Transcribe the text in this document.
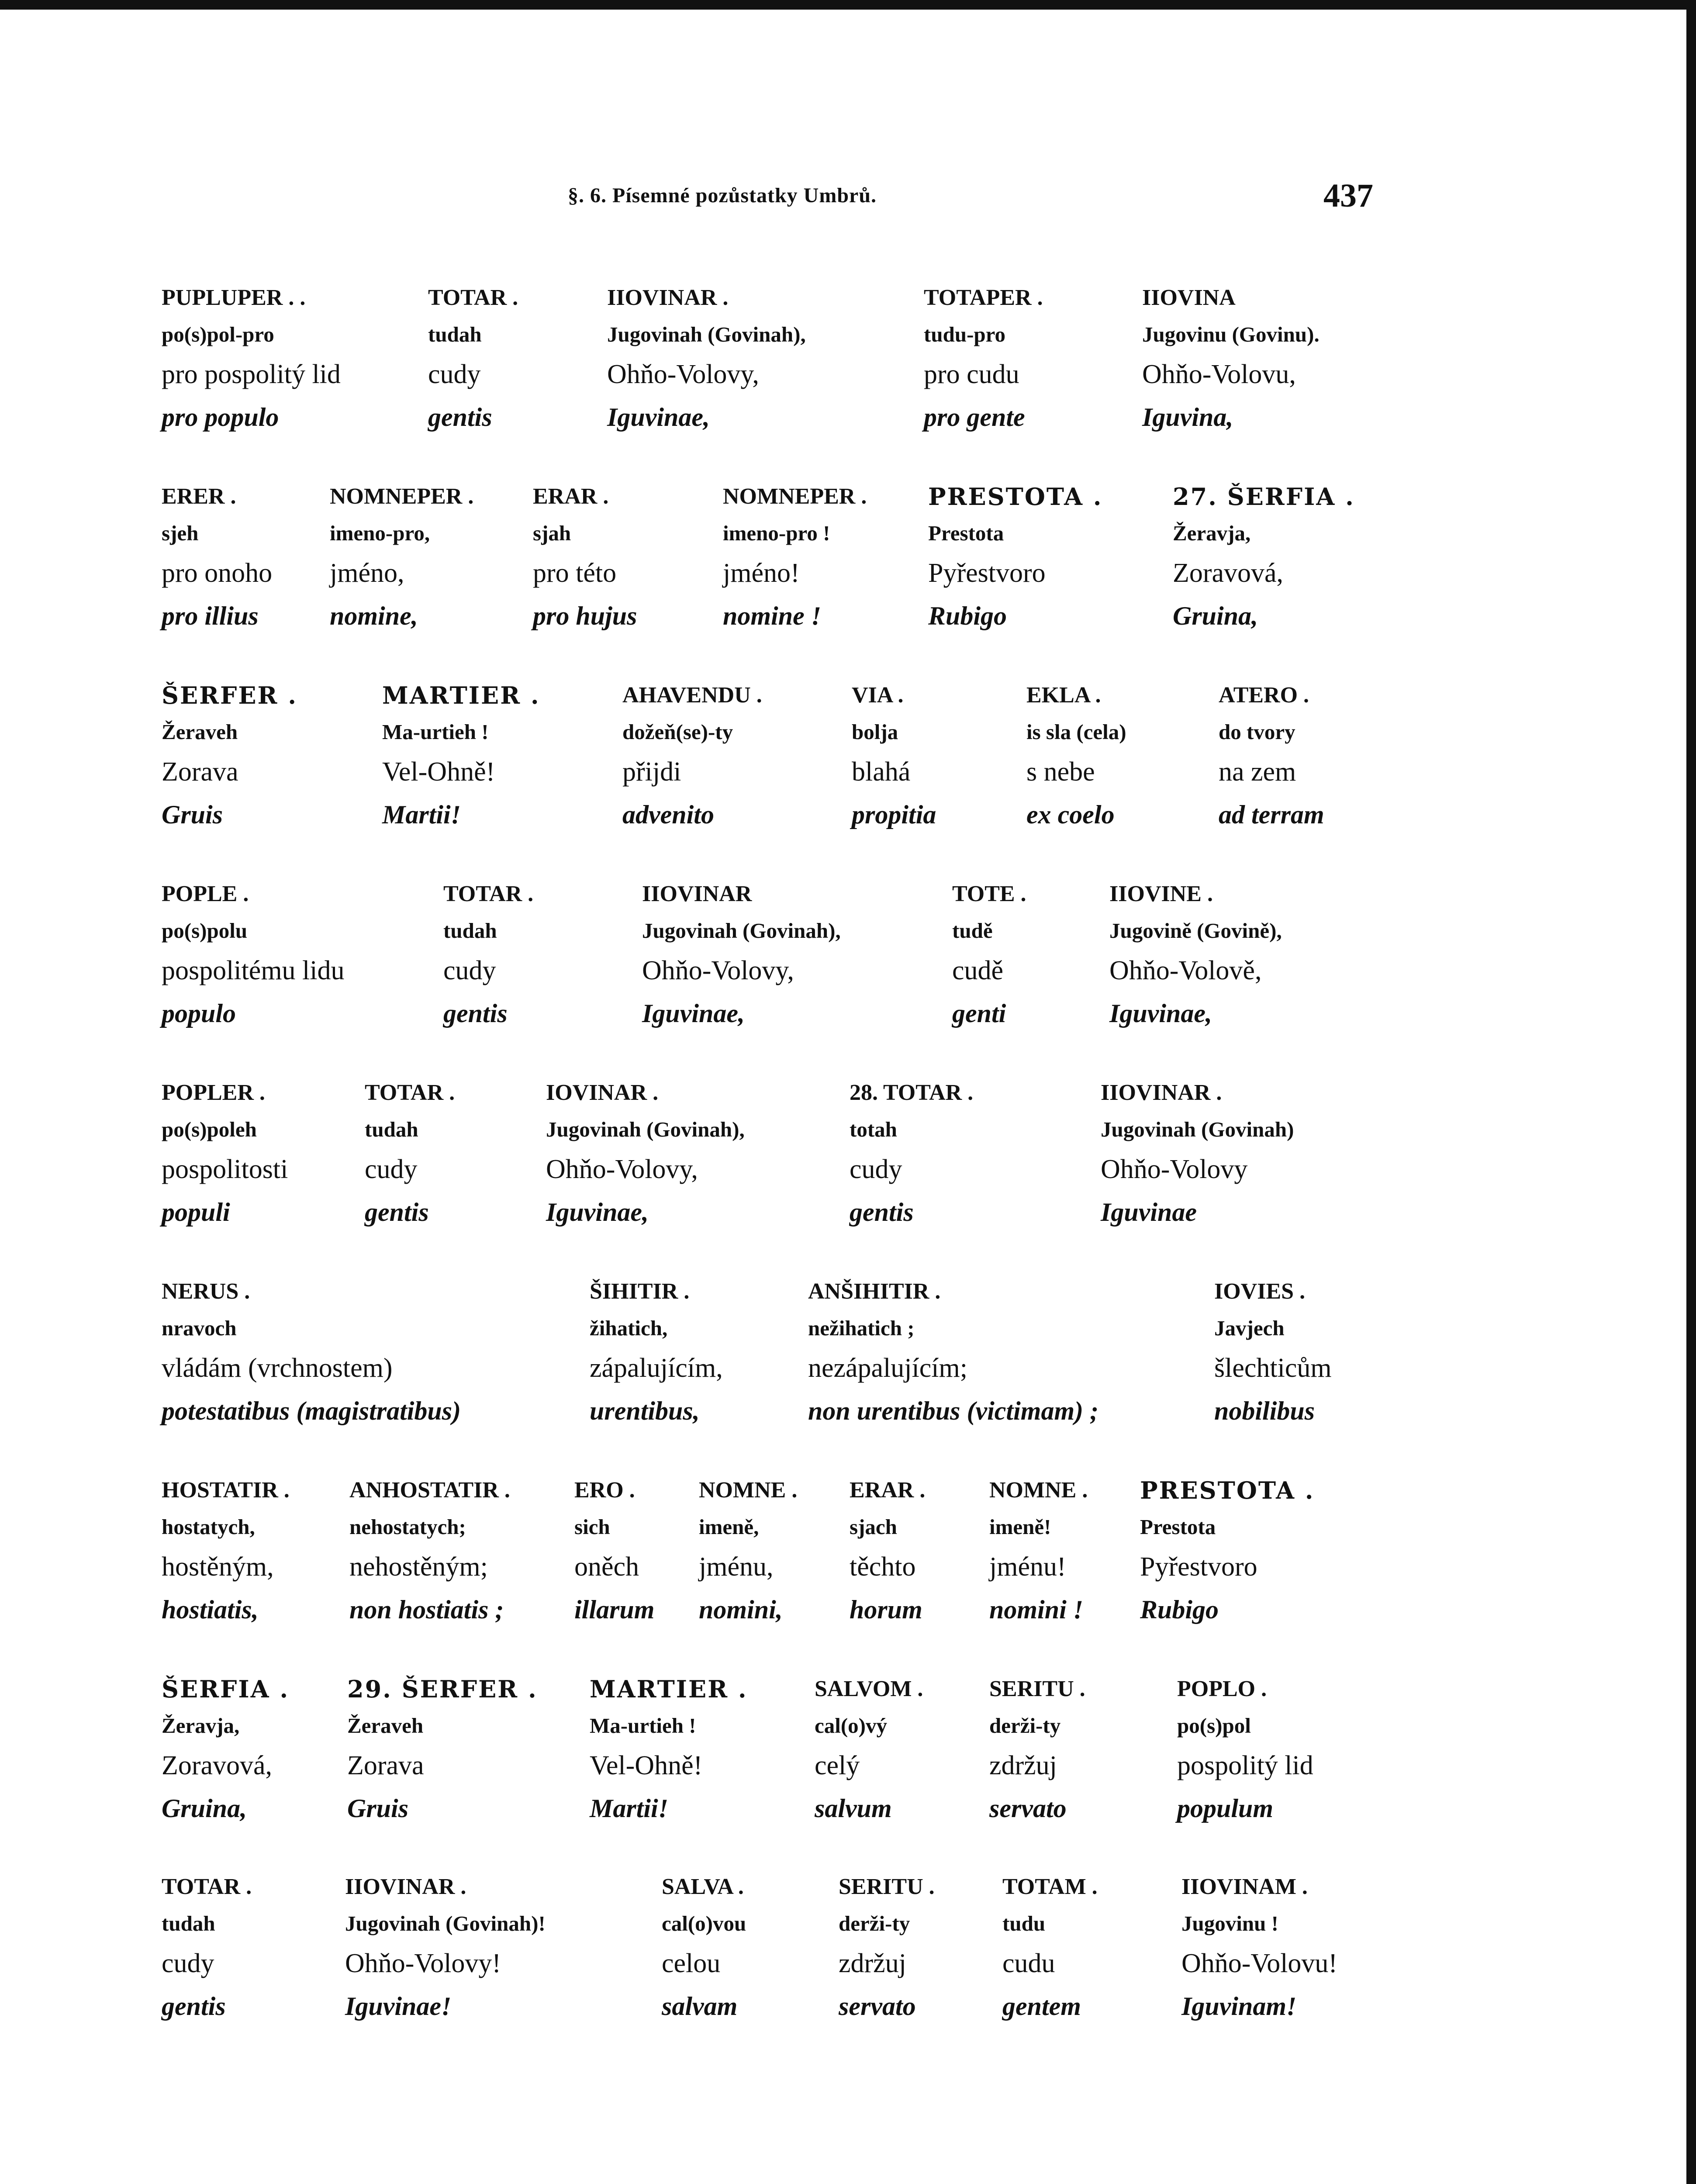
§. 6. Písemné pozůstatky Umbrů.	437
PUPLUPER . .
po(s)pol-pro
pro pospolitý lid
pro populo
TOTAR .
tudah
cudy
gentis
IIOVINAR .
Jugovinah (Govinah),
Ohňo-Volovy,
Iguvinae,
TOTAPER .
tudu-pro
pro cudu
pro gente
IIOVINA
Jugovinu (Govinu).
Ohňo-Volovu,
Iguvina,
ERER .
sjeh
pro onoho
pro illius
NOMNEPER .
imeno-pro,
jméno,
nomine,
ERAR .
sjah
pro této
pro hujus
NOMNEPER .
imeno-pro !
jméno!
nomine !
PRESTOTA .
Prestota
Pyřestvoro
Rubigo
27. ŠERFIA .
Žeravja,
Zoravová,
Gruina,
ŠERFER .
Žeraveh
Zorava
Gruis
MARTIER .
Ma-urtieh !
Vel-Ohně!
Martii!
AHAVENDU .
dožeň(se)-ty
přijdi
advenito
VIA .
bolja
blahá
propitia
EKLA .
is sla (cela)
s nebe
ex coelo
ATERO .
do tvory
na zem
ad terram
POPLE .
po(s)polu
pospolitému lidu
populo
TOTAR .
tudah
cudy
gentis
IIOVINAR
Jugovinah (Govinah),
Ohňo-Volovy,
Iguvinae,
TOTE .
tudě
cudě
genti
IIOVINE .
Jugovině (Govině),
Ohňo-Volově,
Iguvinae,
POPLER .
po(s)poleh
pospolitosti
populi
TOTAR .
tudah
cudy
gentis
IOVINAR .
Jugovinah (Govinah),
Ohňo-Volovy,
Iguvinae,
28. TOTAR .
totah
cudy
gentis
IIOVINAR .
Jugovinah (Govinah)
Ohňo-Volovy
Iguvinae
NERUS .
nravoch
vládám (vrchnostem)
potestatibus (magistratibus)
ŠIHITIR .
žihatich,
zápalujícím,
urentibus,
ANŠIHITIR .
nežihatich ;
nezápalujícím;
non urentibus (victimam) ;
IOVIES .
Javjech
šlechticům
nobilibus
HOSTATIR .
hostatych,
hostěným,
hostiatis,
ANHOSTATIR .
nehostatych;
nehostěným;
non hostiatis ;
ERO .
sich
oněch
illarum
NOMNE .
imeně,
jménu,
nomini,
ERAR .
sjach
těchto
horum
NOMNE .
imeně!
jménu!
nomini !
PRESTOTA .
Prestota
Pyřestvoro
Rubigo
ŠERFIA .
Žeravja,
Zoravová,
Gruina,
29. ŠERFER .
Žeraveh
Zorava
Gruis
MARTIER .
Ma-urtieh !
Vel-Ohně!
Martii!
SALVOM .
cal(o)vý
celý
salvum
SERITU .
derži-ty
zdržuj
servato
POPLO .
po(s)pol
pospolitý lid
populum
TOTAR .
tudah
cudy
gentis
IIOVINAR .
Jugovinah (Govinah)!
Ohňo-Volovy!
Iguvinae!
SALVA .
cal(o)vou
celou
salvam
SERITU .
derži-ty
zdržuj
servato
TOTAM .
tudu
cudu
gentem
IIOVINAM .
Jugovinu !
Ohňo-Volovu!
Iguvinam!
